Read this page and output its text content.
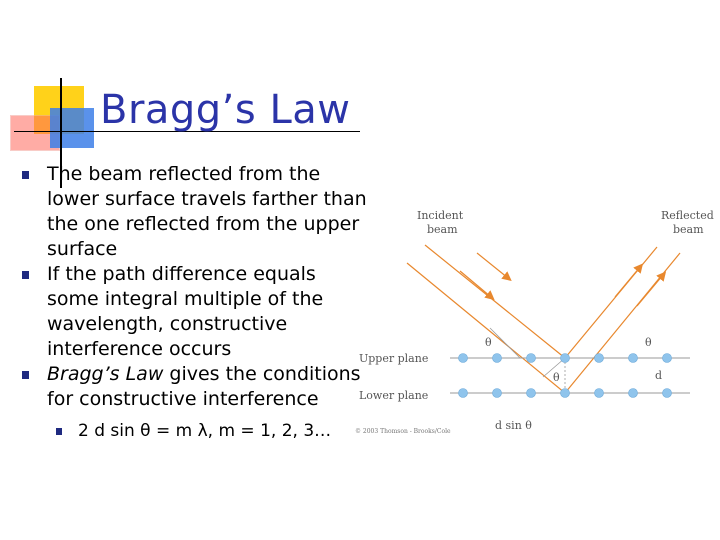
Bragg’s Law
The beam reflected from the lower surface travels farther than the one reflected from the upper surface
If the path difference equals some integral multiple of the wavelength, constructive interference occurs
Bragg’s Law gives the conditions for constructive interference
2 d sin θ = m λ, m = 1, 2, 3…
Incident
beam
Reflected
beam
Upper plane
Lower plane
θ	θ
θ	d
d sin θ
© 2003 Thomson - Brooks/Cole
